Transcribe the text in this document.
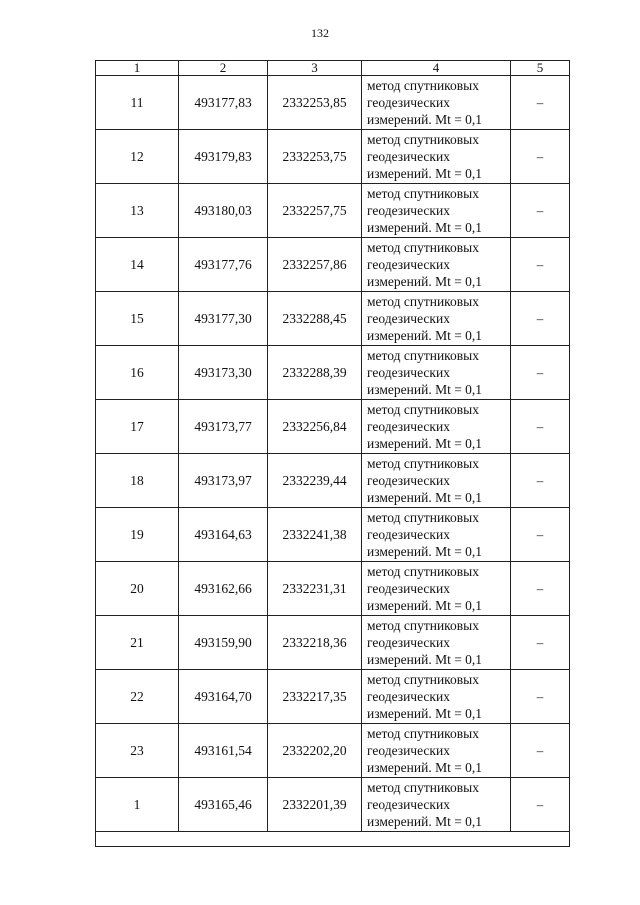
132
1	2	3	4	5
11	493177,83	2332253,85	метод спутниковых
геодезических
измерений. Mt = 0,1	–
12	493179,83	2332253,75	метод спутниковых
геодезических
измерений. Mt = 0,1	–
13	493180,03	2332257,75	метод спутниковых
геодезических
измерений. Mt = 0,1	–
14	493177,76	2332257,86	метод спутниковых
геодезических
измерений. Mt = 0,1	–
15	493177,30	2332288,45	метод спутниковых
геодезических
измерений. Mt = 0,1	–
16	493173,30	2332288,39	метод спутниковых
геодезических
измерений. Mt = 0,1	–
17	493173,77	2332256,84	метод спутниковых
геодезических
измерений. Mt = 0,1	–
18	493173,97	2332239,44	метод спутниковых
геодезических
измерений. Mt = 0,1	–
19	493164,63	2332241,38	метод спутниковых
геодезических
измерений. Mt = 0,1	–
20	493162,66	2332231,31	метод спутниковых
геодезических
измерений. Mt = 0,1	–
21	493159,90	2332218,36	метод спутниковых
геодезических
измерений. Mt = 0,1	–
22	493164,70	2332217,35	метод спутниковых
геодезических
измерений. Mt = 0,1	–
23	493161,54	2332202,20	метод спутниковых
геодезических
измерений. Mt = 0,1	–
1	493165,46	2332201,39	метод спутниковых
геодезических
измерений. Mt = 0,1	–
